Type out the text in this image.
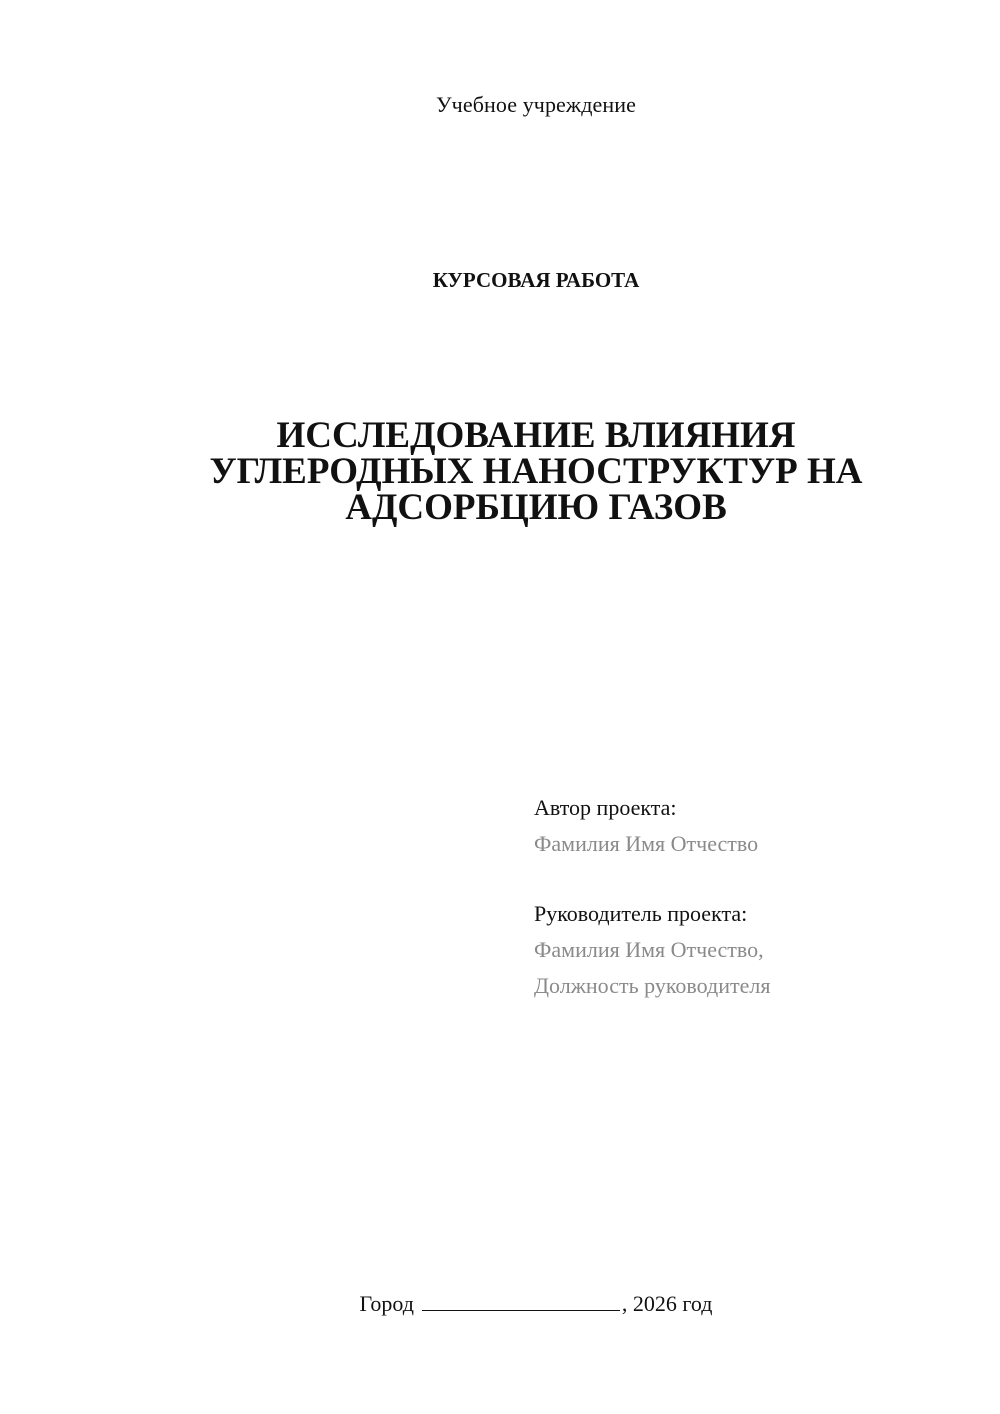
Учебное учреждение
КУРСОВАЯ РАБОТА
ИССЛЕДОВАНИЕ ВЛИЯНИЯ
УГЛЕРОДНЫХ НАНОСТРУКТУР НА
АДСОРБЦИЮ ГАЗОВ
Автор проекта:
Фамилия Имя Отчество
Руководитель проекта:
Фамилия Имя Отчество,
Должность руководителя
Город	, 2026 год
